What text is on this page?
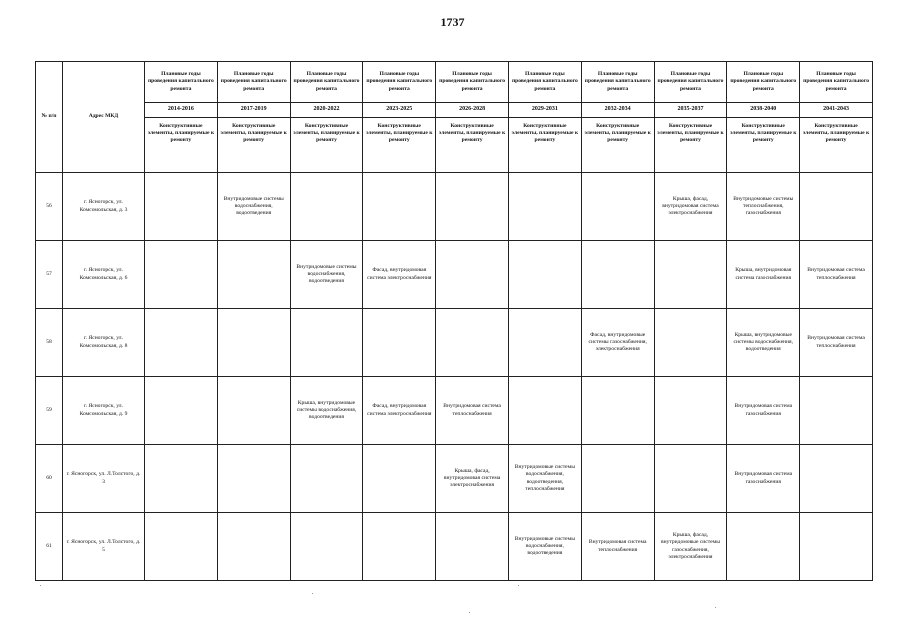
1737
№ п/п	Адрес МКД	Плановые годы проведения капитального ремонта	Плановые годы проведения капитального ремонта	Плановые годы проведения капитального ремонта	Плановые годы проведения капитального ремонта	Плановые годы проведения капитального ремонта	Плановые годы проведения капитального ремонта	Плановые годы проведения капитального ремонта	Плановые годы проведения капитального ремонта	Плановые годы проведения капитального ремонта	Плановые годы проведения капитального ремонта
		2014-2016	2017-2019	2020-2022	2023-2025	2026-2028	2029-2031	2032-2034	2035-2037	2038-2040	2041-2043
		Конструктивные элементы, планируемые к ремонту	Конструктивные элементы, планируемые к ремонту	Конструктивные элементы, планируемые к ремонту	Конструктивные элементы, планируемые к ремонту	Конструктивные элементы, планируемые к ремонту	Конструктивные элементы, планируемые к ремонту	Конструктивные элементы, планируемые к ремонту	Конструктивные элементы, планируемые к ремонту	Конструктивные элементы, планируемые к ремонту	Конструктивные элементы, планируемые к ремонту
56	г. Ясногорск, ул. Комсомольская, д. 3		Внутридомовые системы водоснабжения, водоотведения						Крыша, фасад, внутридомовая система электроснабжения	Внутридомовые системы теплоснабжения, газоснабжения	
57	г. Ясногорск, ул. Комсомольская, д. 6			Внутридомовые системы водоснабжения, водоотведения	Фасад, внутридомовая система электроснабжения					Крыша, внутридомовая система газоснабжения	Внутридомовая система теплоснабжения
58	г. Ясногорск, ул. Комсомольская, д. 8							Фасад, внутридомовые системы газоснабжения, электроснабжения		Крыша, внутридомовые системы водоснабжения, водоотведения	Внутридомовая система теплоснабжения
59	г. Ясногорск, ул. Комсомольская, д. 9			Крыша, внутридомовые системы водоснабжения, водоотведения	Фасад, внутридомовая система электроснабжения	Внутридомовая система теплоснабжения				Внутридомовая система газоснабжения	
60	г. Ясногорск, ул. Л.Толстого, д. 3					Крыша, фасад, внутридомовая система электроснабжения	Внутридомовые системы водоснабжения, водоотведения, теплоснабжения			Внутридомовая система газоснабжения	
61	г. Ясногорск, ул. Л.Толстого, д. 5						Внутридомовые системы водоснабжения, водоотведения	Внутридомовая система теплоснабжения	Крыша, фасад, внутридомовые системы газоснабжения, электроснабжения		
